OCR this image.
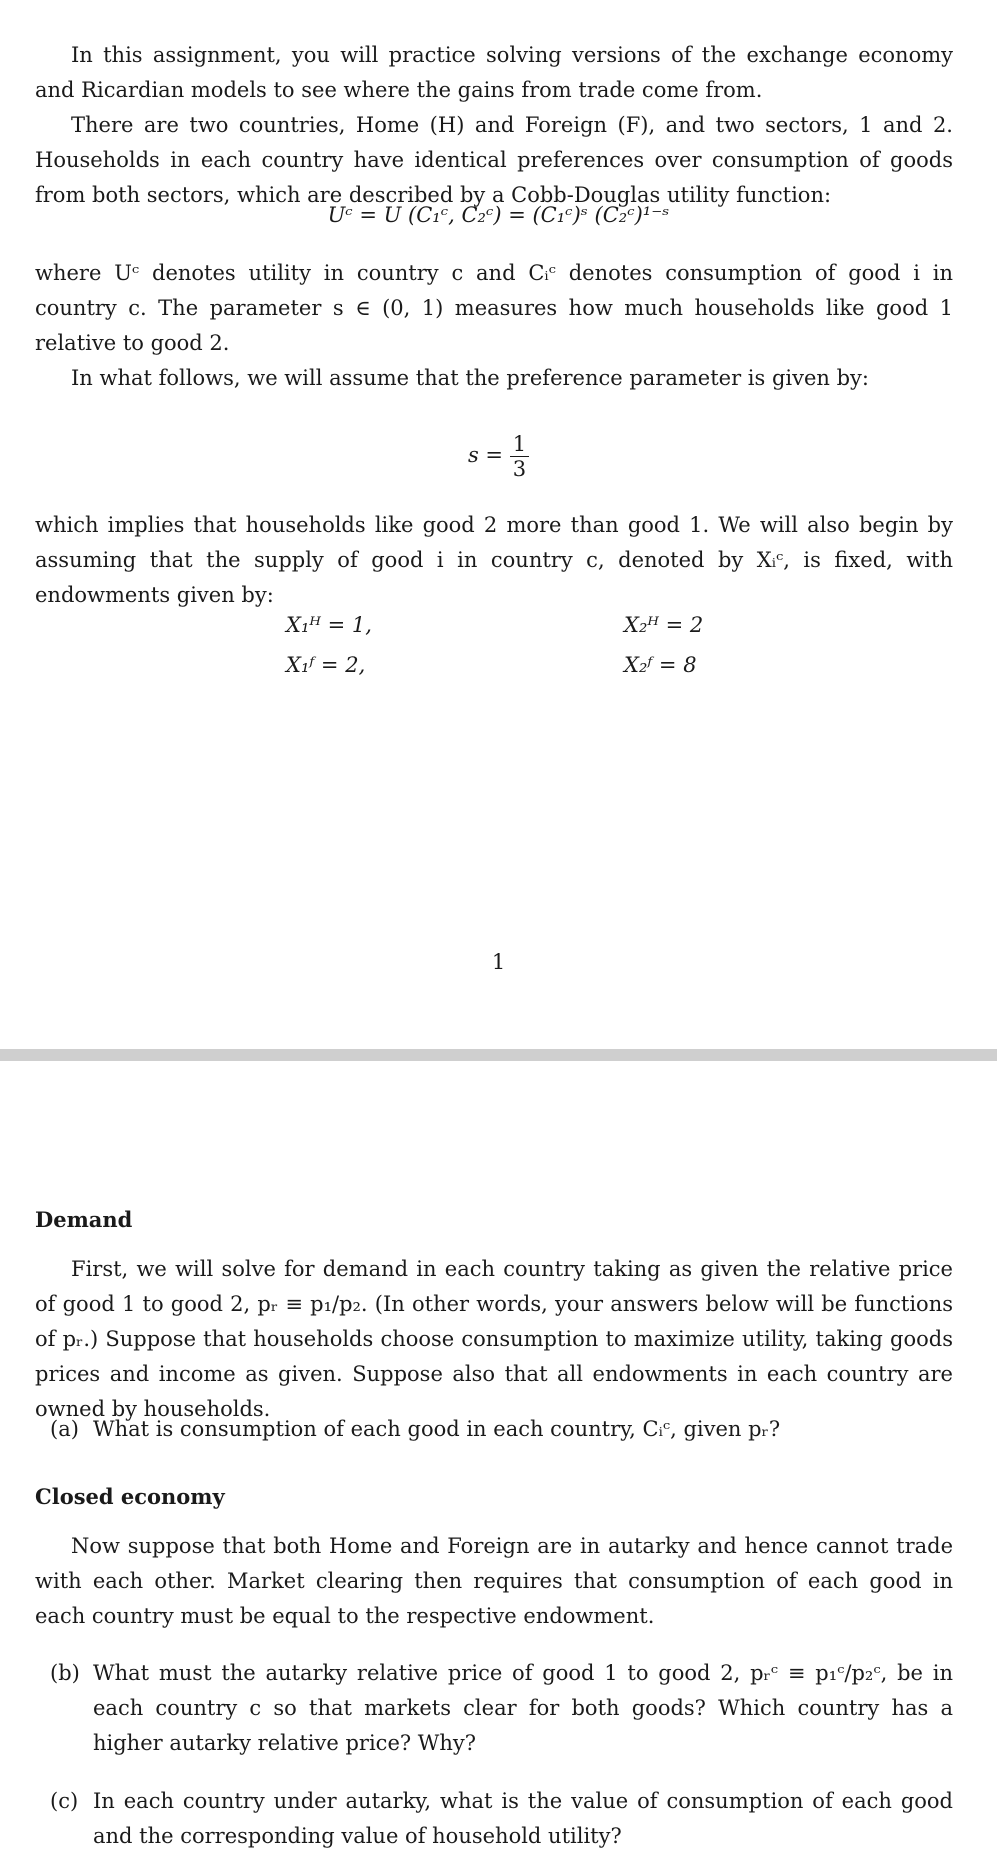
In this assignment, you will practice solving versions of the exchange economy and Ricardian models to see where the gains from trade come from.

There are two countries, Home (H) and Foreign (F), and two sectors, 1 and 2. Households in each country have identical preferences over consumption of goods from both sectors, which are described by a Cobb-Douglas utility function:

Uᶜ = U (C₁ᶜ, C₂ᶜ) = (C₁ᶜ)ˢ (C₂ᶜ)¹⁻ˢ

where Uᶜ denotes utility in country c and Cᵢᶜ denotes consumption of good i in country c. The parameter s ∈ (0, 1) measures how much households like good 1 relative to good 2.

In what follows, we will assume that the preference parameter is given by:

$s = \frac{1}{3}$

which implies that households like good 2 more than good 1. We will also begin by assuming that the supply of good i in country c, denoted by Xᵢᶜ, is fixed, with endowments given by:

X₁ᴴ = 1,	X₂ᴴ = 2
X₁ᶠ = 2,	X₂ᶠ = 8
1
Demand

First, we will solve for demand in each country taking as given the relative price of good 1 to good 2, pᵣ ≡ p₁/p₂. (In other words, your answers below will be functions of pᵣ.) Suppose that households choose consumption to maximize utility, taking goods prices and income as given. Suppose also that all endowments in each country are owned by households.

(a) What is consumption of each good in each country, Cᵢᶜ, given pᵣ?
Closed economy

Now suppose that both Home and Foreign are in autarky and hence cannot trade with each other. Market clearing then requires that consumption of each good in each country must be equal to the respective endowment.

(b) What must the autarky relative price of good 1 to good 2, pᵣᶜ ≡ p₁ᶜ/p₂ᶜ, be in each country c so that markets clear for both goods? Which country has a higher autarky relative price? Why?
(c) In each country under autarky, what is the value of consumption of each good and the corresponding value of household utility?
